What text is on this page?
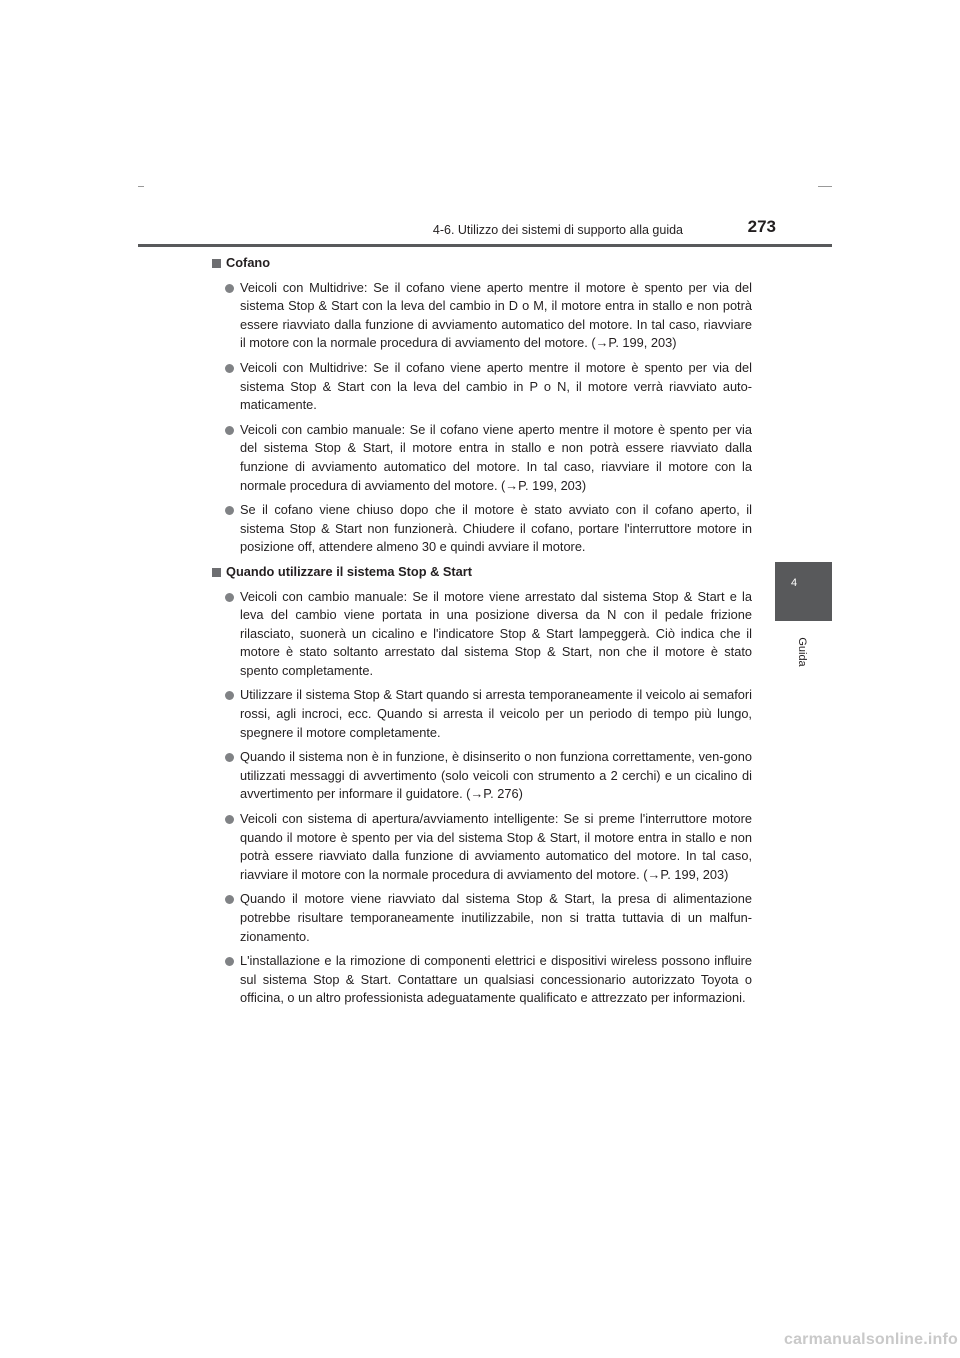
4-6. Utilizzo dei sistemi di supporto alla guida	273
4
Guida
Cofano
Veicoli con Multidrive: Se il cofano viene aperto mentre il motore è spento per via del sistema Stop & Start con la leva del cambio in D o M, il motore entra in stallo e non potrà essere riavviato dalla funzione di avviamento automatico del motore. In tal caso, riavviare il motore con la normale procedura di avviamento del motore. (→P. 199, 203)
Veicoli con Multidrive: Se il cofano viene aperto mentre il motore è spento per via del sistema Stop & Start con la leva del cambio in P o N, il motore verrà riavviato auto-maticamente.
Veicoli con cambio manuale: Se il cofano viene aperto mentre il motore è spento per via del sistema Stop & Start, il motore entra in stallo e non potrà essere riavviato dalla funzione di avviamento automatico del motore. In tal caso, riavviare il motore con la normale procedura di avviamento del motore. (→P. 199, 203)
Se il cofano viene chiuso dopo che il motore è stato avviato con il cofano aperto, il sistema Stop & Start non funzionerà. Chiudere il cofano, portare l'interruttore motore in posizione off, attendere almeno 30 e quindi avviare il motore.
Quando utilizzare il sistema Stop & Start
Veicoli con cambio manuale: Se il motore viene arrestato dal sistema Stop & Start e la leva del cambio viene portata in una posizione diversa da N con il pedale frizione rilasciato, suonerà un cicalino e l'indicatore Stop & Start lampeggerà. Ciò indica che il motore è stato soltanto arrestato dal sistema Stop & Start, non che il motore è stato spento completamente.
Utilizzare il sistema Stop & Start quando si arresta temporaneamente il veicolo ai semafori rossi, agli incroci, ecc. Quando si arresta il veicolo per un periodo di tempo più lungo, spegnere il motore completamente.
Quando il sistema non è in funzione, è disinserito o non funziona correttamente, ven-gono utilizzati messaggi di avvertimento (solo veicoli con strumento a 2 cerchi) e un cicalino di avvertimento per informare il guidatore. (→P. 276)
Veicoli con sistema di apertura/avviamento intelligente: Se si preme l'interruttore motore quando il motore è spento per via del sistema Stop & Start, il motore entra in stallo e non potrà essere riavviato dalla funzione di avviamento automatico del motore. In tal caso, riavviare il motore con la normale procedura di avviamento del motore. (→P. 199, 203)
Quando il motore viene riavviato dal sistema Stop & Start, la presa di alimentazione potrebbe risultare temporaneamente inutilizzabile, non si tratta tuttavia di un malfun-zionamento.
L'installazione e la rimozione di componenti elettrici e dispositivi wireless possono influire sul sistema Stop & Start. Contattare un qualsiasi concessionario autorizzato Toyota o officina, o un altro professionista adeguatamente qualificato e attrezzato per informazioni.
carmanualsonline.info
